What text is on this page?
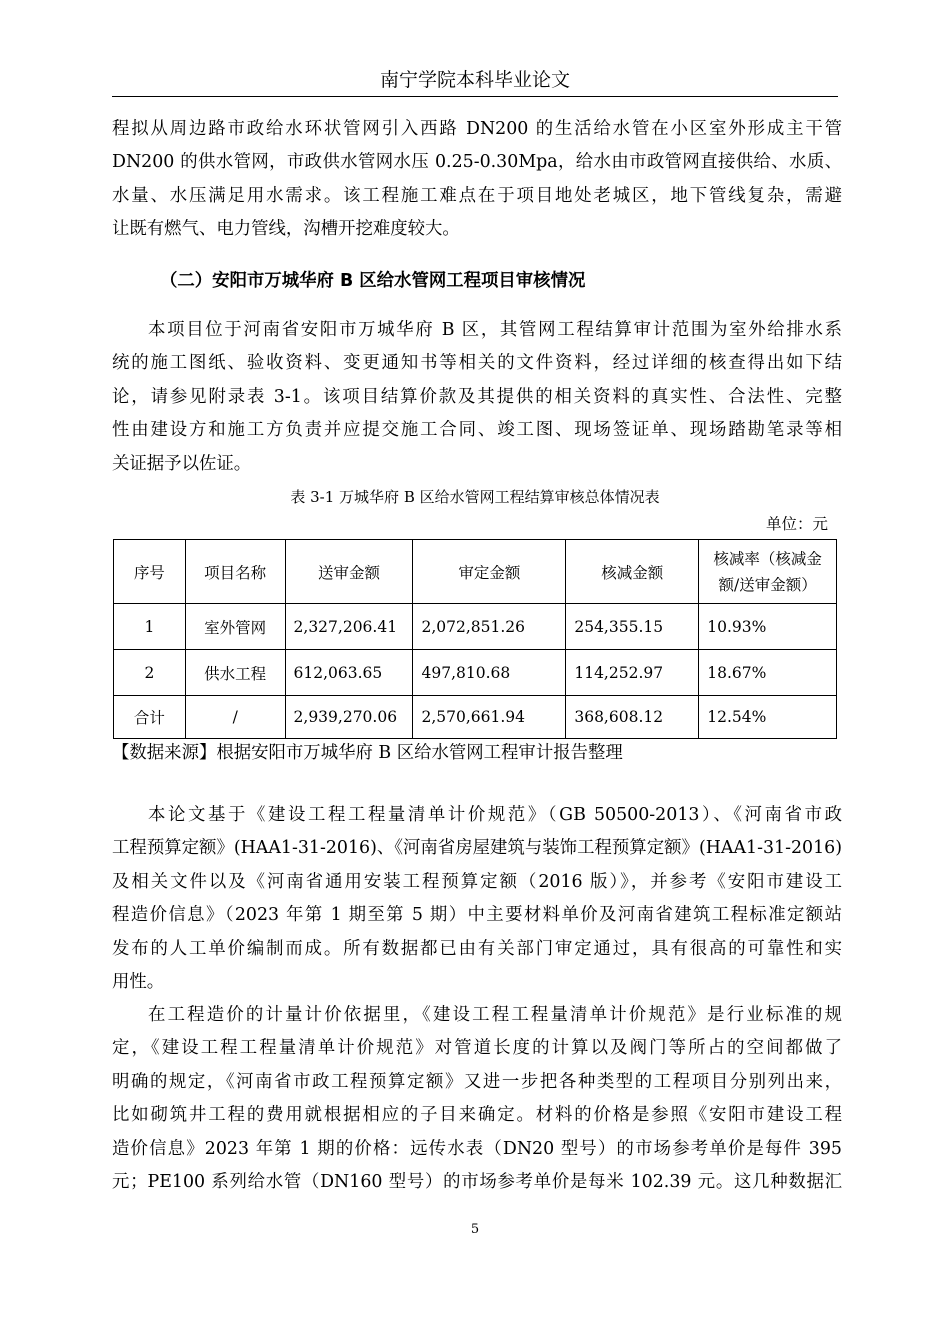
南宁学院本科毕业论文
程拟从周边路市政给水环状管网引入西路 DN200 的生活给水管在小区室外形成主干管
DN200 的供水管网，市政供水管网水压 0.25-0.30Mpa，给水由市政管网直接供给、水质、
水量、水压满足用水需求。该工程施工难点在于项目地处老城区，地下管线复杂，需避
让既有燃气、电力管线，沟槽开挖难度较大。
（二）安阳市万城华府 B 区给水管网工程项目审核情况
本项目位于河南省安阳市万城华府 B 区，其管网工程结算审计范围为室外给排水系
统的施工图纸、验收资料、变更通知书等相关的文件资料，经过详细的核查得出如下结
论，请参见附录表 3-1。该项目结算价款及其提供的相关资料的真实性、合法性、完整
性由建设方和施工方负责并应提交施工合同、竣工图、现场签证单、现场踏勘笔录等相
关证据予以佐证。
表 3-1 万城华府 B 区给水管网工程结算审核总体情况表
单位：元
序号	项目名称	送审金额	审定金额	核减金额	核减率（核减金额/送审金额）
1	室外管网	2,327,206.41	2,072,851.26	254,355.15	10.93%
2	供水工程	612,063.65	497,810.68	114,252.97	18.67%
合计	/	2,939,270.06	2,570,661.94	368,608.12	12.54%
【数据来源】根据安阳市万城华府 B 区给水管网工程审计报告整理
本论文基于《建设工程工程量清单计价规范》（GB 50500-2013）、《河南省市政
工程预算定额》(HAA1-31-2016)、《河南省房屋建筑与装饰工程预算定额》(HAA1-31-2016)
及相关文件以及《河南省通用安装工程预算定额（2016 版）》，并参考《安阳市建设工
程造价信息》（2023 年第 1 期至第 5 期）中主要材料单价及河南省建筑工程标准定额站
发布的人工单价编制而成。所有数据都已由有关部门审定通过，具有很高的可靠性和实
用性。
在工程造价的计量计价依据里，《建设工程工程量清单计价规范》是行业标准的规
定，《建设工程工程量清单计价规范》对管道长度的计算以及阀门等所占的空间都做了
明确的规定，《河南省市政工程预算定额》又进一步把各种类型的工程项目分别列出来，
比如砌筑井工程的费用就根据相应的子目来确定。材料的价格是参照《安阳市建设工程
造价信息》2023 年第 1 期的价格：远传水表（DN20 型号）的市场参考单价是每件 395
元；PE100 系列给水管（DN160 型号）的市场参考单价是每米 102.39 元。这几种数据汇
5
